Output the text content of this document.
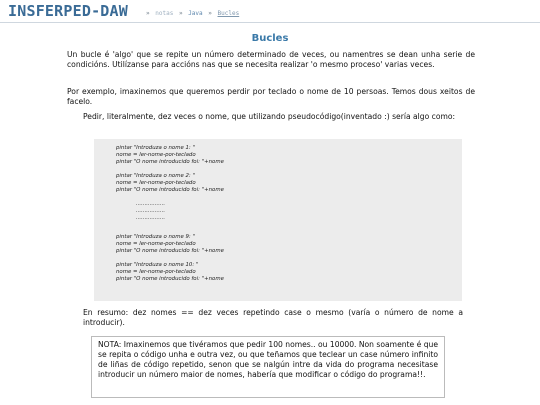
INSFERPED-DAW	» notas » Java » Bucles
Bucles

Un bucle é 'algo' que se repite un número determinado de veces, ou namentres se dean unha serie de condicións. Utilízanse para accións nas que se necesita realizar 'o mesmo proceso' varias veces.

Por exemplo, imaxinemos que queremos perdir por teclado o nome de 10 persoas. Temos dous xeitos de facelo.

Pedir, literalmente, dez veces o nome, que utilizando pseudocódigo(inventado :) sería algo como:

pintar "Introduza o nome 1: "
nome = ler-nome-por-teclado
pintar "O nome introducido foi: "+nome
pintar "Introduza o nome 2: "
nome = ler-nome-por-teclado
pintar "O nome introducido foi: "+nome
.................
.................
.................
pintar "Introduza o nome 9: "
nome = ler-nome-por-teclado
pintar "O nome introducido foi: "+nome
pintar "Introduza o nome 10: "
nome = ler-nome-por-teclado
pintar "O nome introducido foi: "+nome

En resumo: dez nomes == dez veces repetindo case o mesmo (varía o número de nome a introducir).

NOTA: Imaxinemos que tivéramos que pedir 100 nomes.. ou 10000. Non soamente é que se repita o código unha e outra vez, ou que teñamos que teclear un case número infinito de liñas de código repetido, senon que se nalgún intre da vida do programa necesitase introducir un número maior de nomes, habería que modificar o código do programa!!.
